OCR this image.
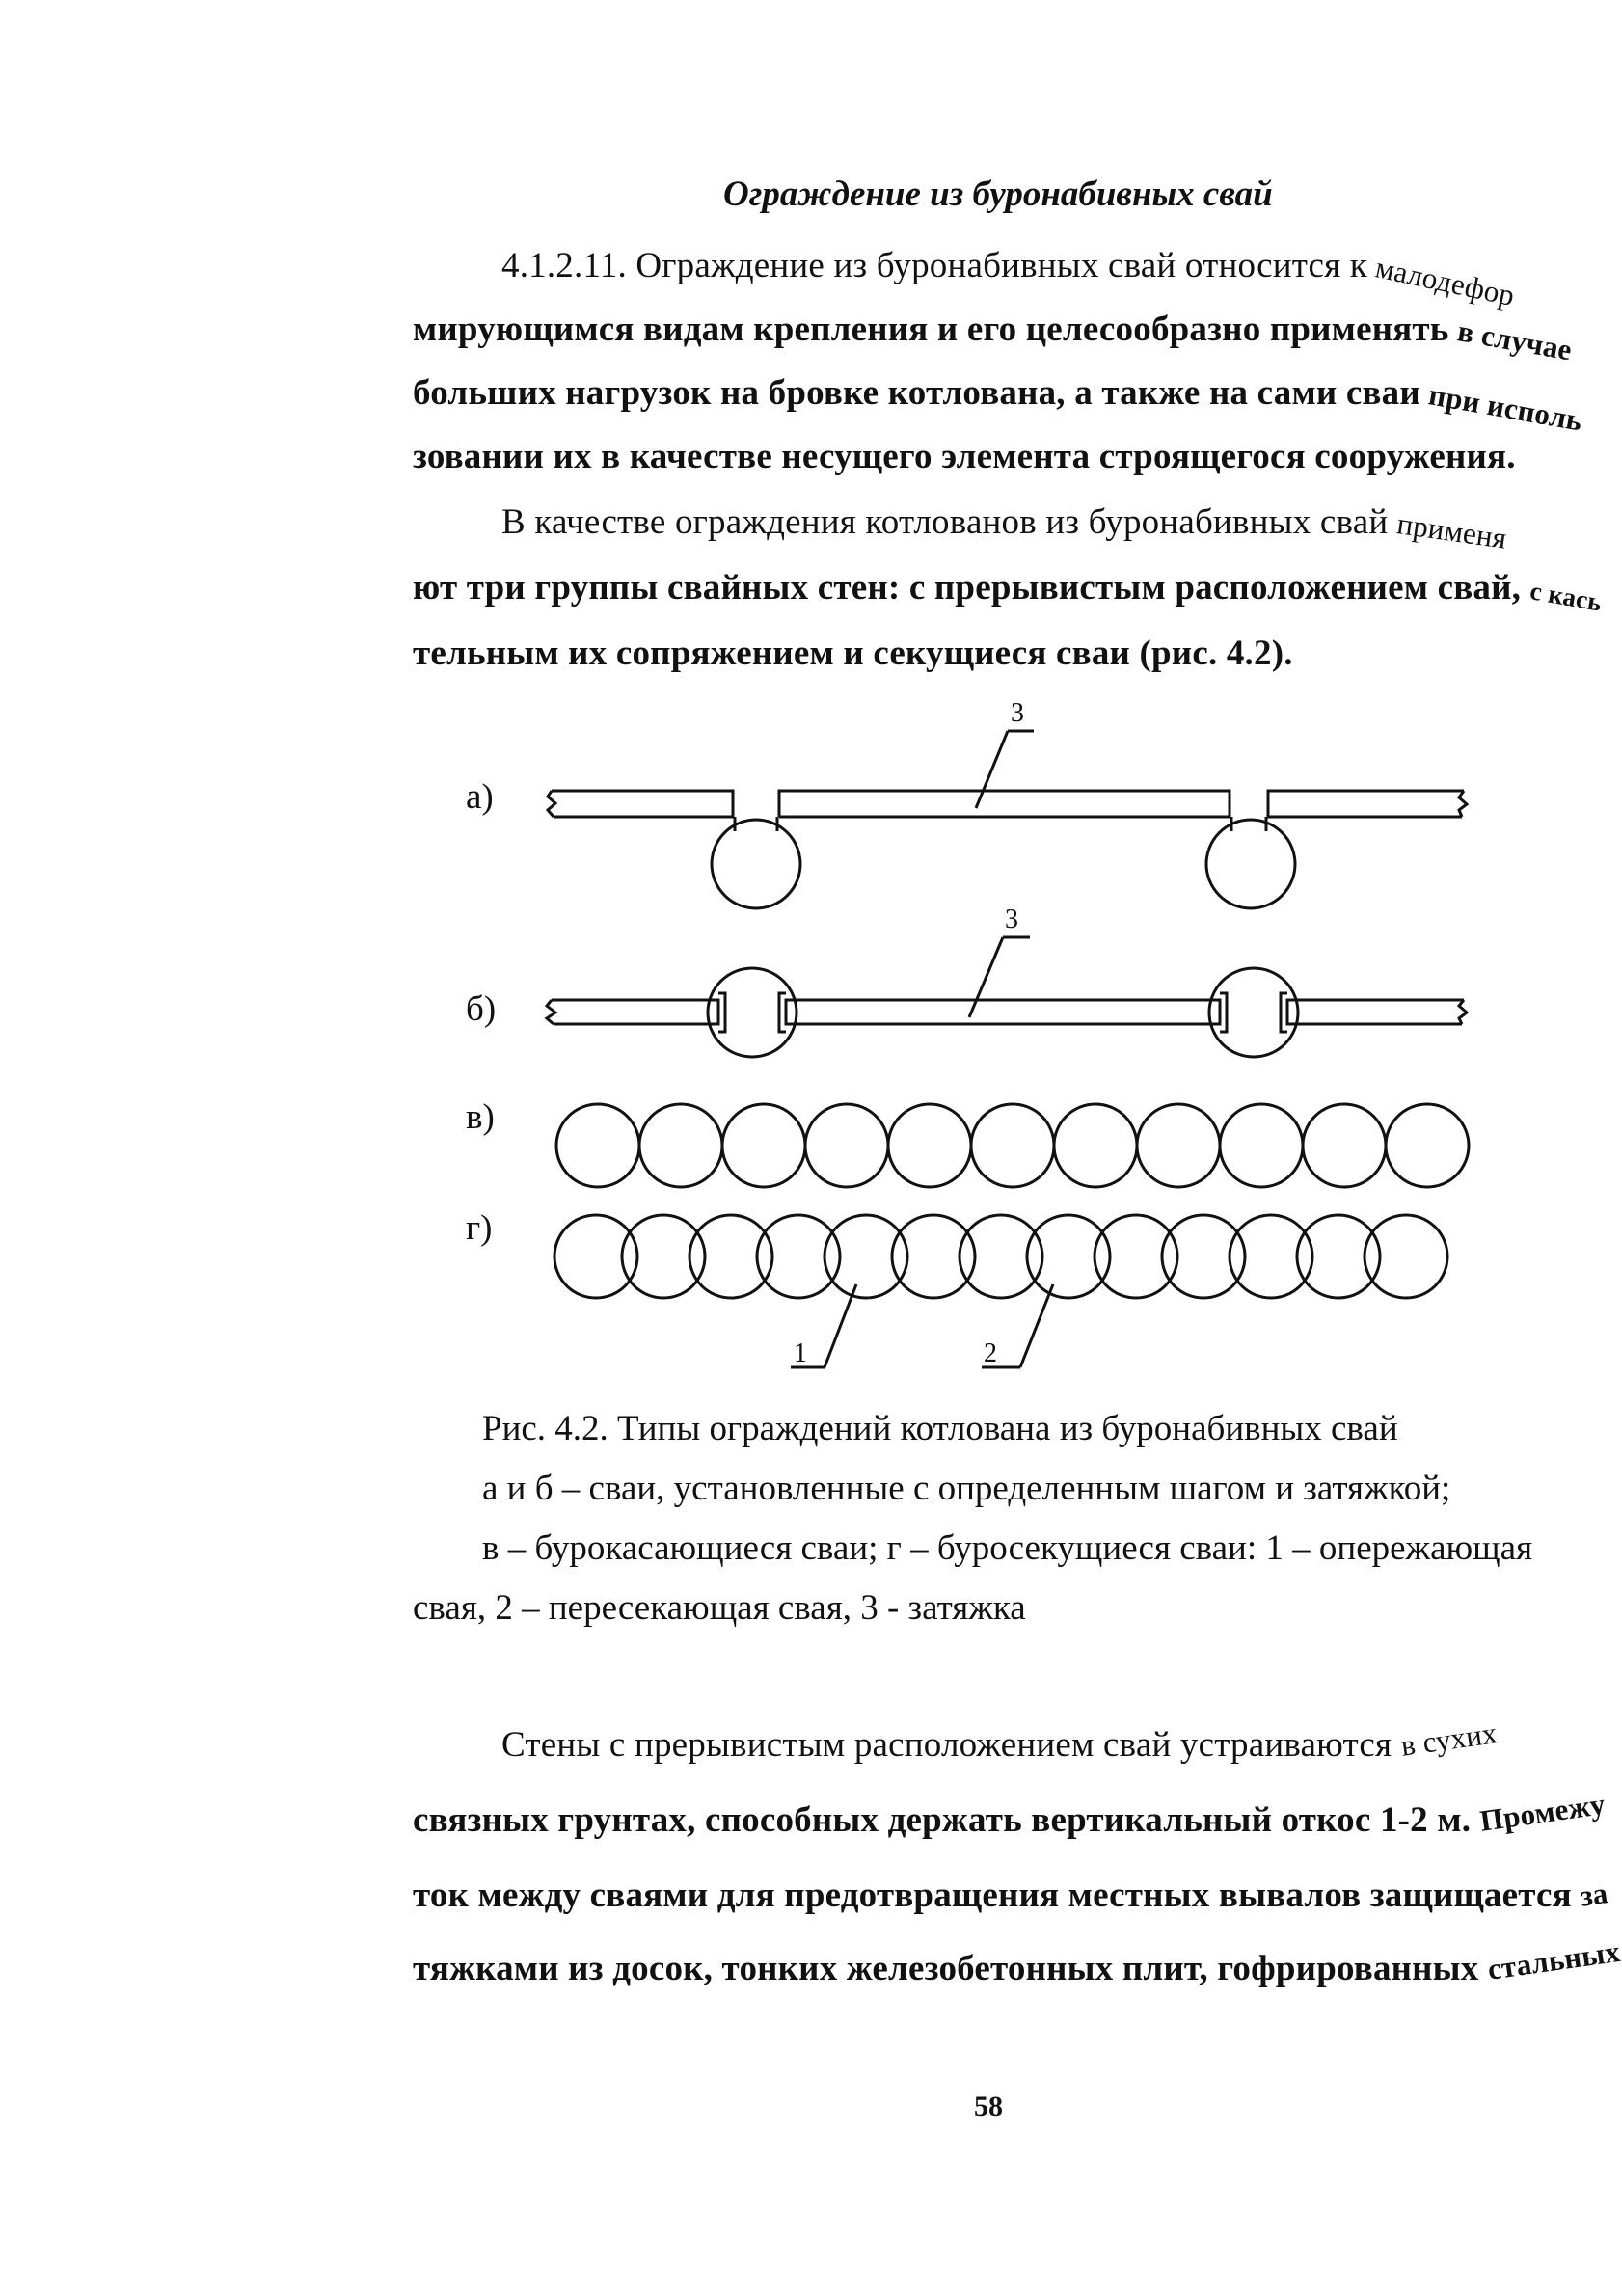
Ограждение из буронабивных свай
4.1.2.11. Ограждение из буронабивных свай относится к малодефор
мирующимся видам крепления и его целесообразно применять в случае
больших нагрузок на бровке котлована, а также на сами сваи при исполь
зовании их в качестве несущего элемента строящегося сооружения.
В качестве ограждения котлованов из буронабивных свай применя
ют три группы свайных стен: с прерывистым расположением свай, с кась
тельным их сопряжением и секущиеся сваи (рис. 4.2).
а)
б)
в)
г)
3
3
1	2
Рис. 4.2. Типы ограждений котлована из буронабивных свай
а и б – сваи, установленные с определенным шагом и затяжкой;
в – бурокасающиеся сваи; г – буросекущиеся сваи: 1 – опережающая
свая, 2 – пересекающая свая, 3 - затяжка
Стены с прерывистым расположением свай устраиваются в сухих
связных грунтах, способных держать вертикальный откос 1-2 м. Промежу
ток между сваями для предотвращения местных вывалов защищается за
тяжками из досок, тонких железобетонных плит, гофрированных стальных
58
